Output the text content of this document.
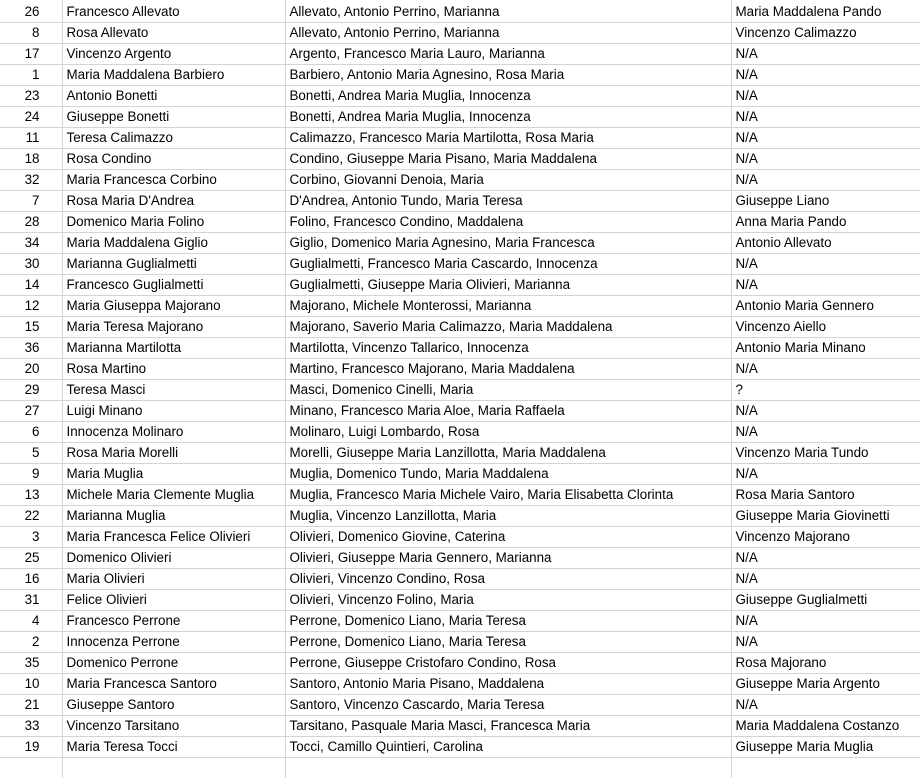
26	Francesco Allevato	Allevato, Antonio Perrino, Marianna	Maria Maddalena Pando
8	Rosa Allevato	Allevato, Antonio Perrino, Marianna	Vincenzo Calimazzo
17	Vincenzo Argento	Argento, Francesco Maria Lauro, Marianna	N/A
1	Maria Maddalena Barbiero	Barbiero, Antonio Maria Agnesino, Rosa Maria	N/A
23	Antonio Bonetti	Bonetti, Andrea Maria Muglia, Innocenza	N/A
24	Giuseppe Bonetti	Bonetti, Andrea Maria Muglia, Innocenza	N/A
11	Teresa Calimazzo	Calimazzo, Francesco Maria Martilotta, Rosa Maria	N/A
18	Rosa Condino	Condino, Giuseppe Maria Pisano, Maria Maddalena	N/A
32	Maria Francesca Corbino	Corbino, Giovanni Denoia, Maria	N/A
7	Rosa Maria D'Andrea	D'Andrea, Antonio Tundo, Maria Teresa	Giuseppe Liano
28	Domenico Maria Folino	Folino, Francesco Condino, Maddalena	Anna Maria Pando
34	Maria Maddalena Giglio	Giglio, Domenico Maria Agnesino, Maria Francesca	Antonio Allevato
30	Marianna Guglialmetti	Guglialmetti, Francesco Maria Cascardo, Innocenza	N/A
14	Francesco Guglialmetti	Guglialmetti, Giuseppe Maria Olivieri, Marianna	N/A
12	Maria Giuseppa Majorano	Majorano, Michele Monterossi, Marianna	Antonio Maria Gennero
15	Maria Teresa Majorano	Majorano, Saverio Maria Calimazzo, Maria Maddalena	Vincenzo Aiello
36	Marianna Martilotta	Martilotta, Vincenzo Tallarico, Innocenza	Antonio Maria Minano
20	Rosa Martino	Martino, Francesco Majorano, Maria Maddalena	N/A
29	Teresa Masci	Masci, Domenico Cinelli, Maria	?
27	Luigi Minano	Minano, Francesco Maria Aloe, Maria Raffaela	N/A
6	Innocenza Molinaro	Molinaro, Luigi Lombardo, Rosa	N/A
5	Rosa Maria Morelli	Morelli, Giuseppe Maria Lanzillotta, Maria Maddalena	Vincenzo Maria Tundo
9	Maria Muglia	Muglia, Domenico Tundo, Maria Maddalena	N/A
13	Michele Maria Clemente Muglia	Muglia, Francesco Maria Michele Vairo, Maria Elisabetta Clorinta	Rosa Maria Santoro
22	Marianna Muglia	Muglia, Vincenzo Lanzillotta, Maria	Giuseppe Maria Giovinetti
3	Maria Francesca Felice Olivieri	Olivieri, Domenico Giovine, Caterina	Vincenzo Majorano
25	Domenico Olivieri	Olivieri, Giuseppe Maria Gennero, Marianna	N/A
16	Maria Olivieri	Olivieri, Vincenzo Condino, Rosa	N/A
31	Felice Olivieri	Olivieri, Vincenzo Folino, Maria	Giuseppe Guglialmetti
4	Francesco Perrone	Perrone, Domenico Liano, Maria Teresa	N/A
2	Innocenza Perrone	Perrone, Domenico Liano, Maria Teresa	N/A
35	Domenico Perrone	Perrone, Giuseppe Cristofaro Condino, Rosa	Rosa Majorano
10	Maria Francesca Santoro	Santoro, Antonio Maria Pisano, Maddalena	Giuseppe Maria Argento
21	Giuseppe Santoro	Santoro, Vincenzo Cascardo, Maria Teresa	N/A
33	Vincenzo Tarsitano	Tarsitano, Pasquale Maria Masci, Francesca Maria	Maria Maddalena Costanzo
19	Maria Teresa Tocci	Tocci, Camillo Quintieri, Carolina	Giuseppe Maria Muglia
